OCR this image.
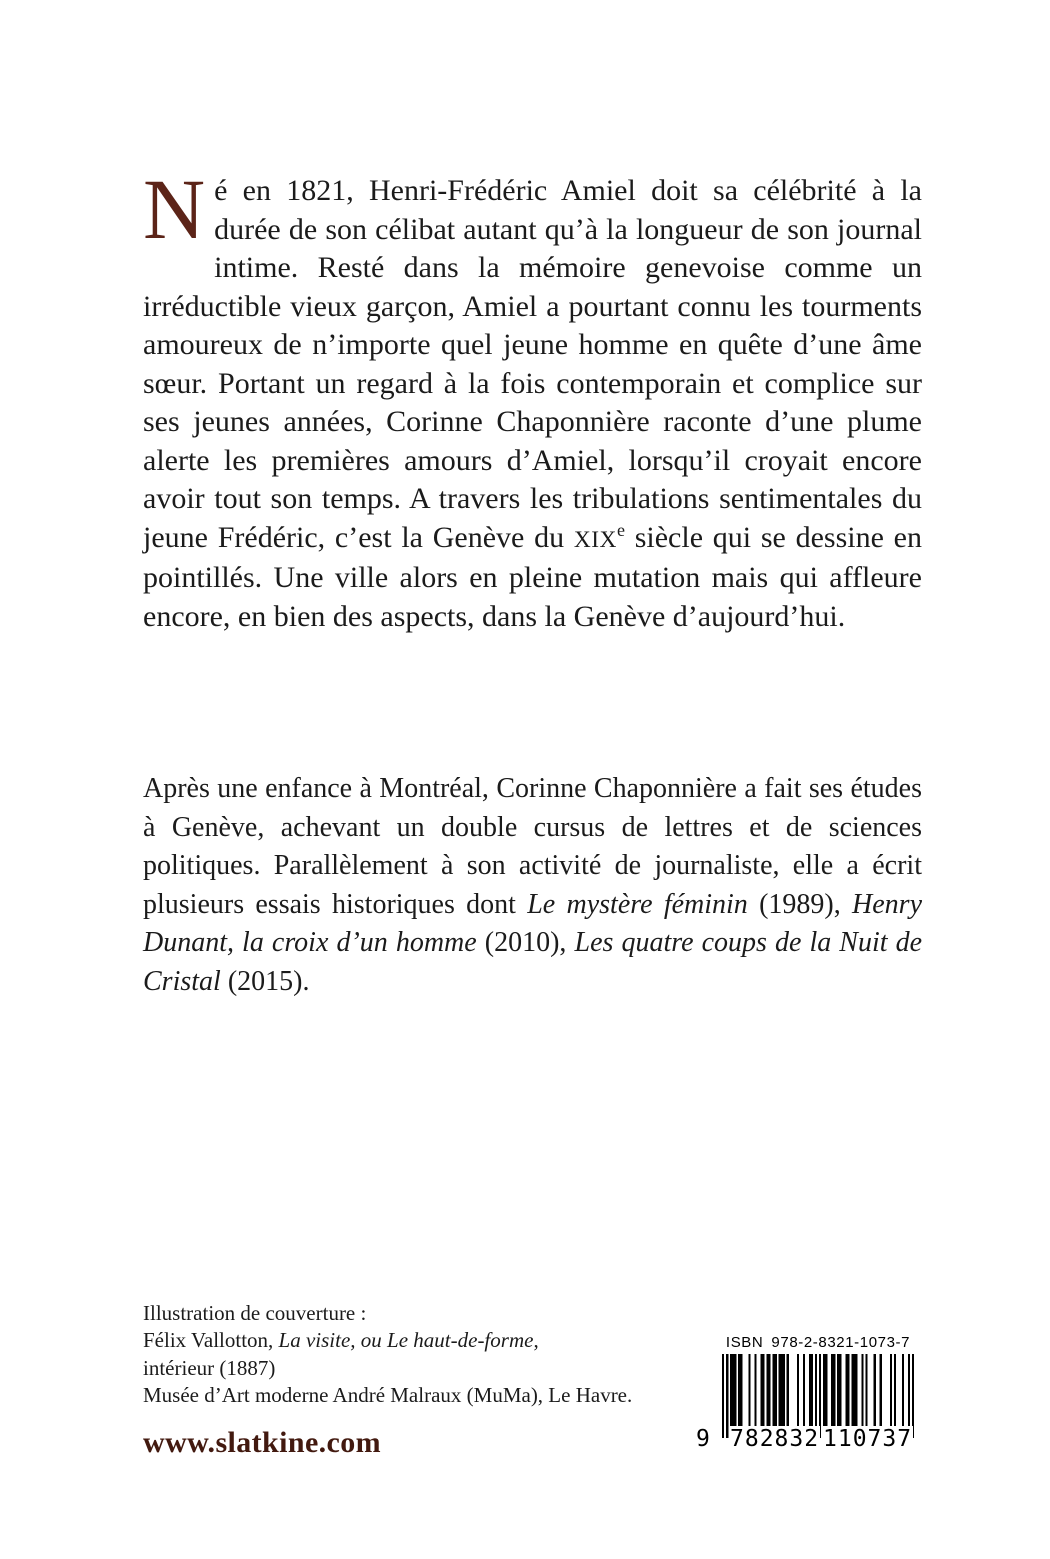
Né en 1821, Henri-Frédéric Amiel doit sa célébrité à la durée de son célibat autant qu’à la longueur de son journal intime. Resté dans la mémoire genevoise comme un irréductible vieux garçon, Amiel a pourtant connu les tourments amoureux de n’importe quel jeune homme en quête d’une âme sœur. Portant un regard à la fois contemporain et complice sur ses jeunes années, Corinne Chaponnière raconte d’une plume alerte les premières amours d’Amiel, lorsqu’il croyait encore avoir tout son temps. A travers les tribulations sentimentales du jeune Frédéric, c’est la Genève du XIXe siècle qui se dessine en pointillés. Une ville alors en pleine mutation mais qui affleure encore, en bien des aspects, dans la Genève d’aujourd’hui.
Après une enfance à Montréal, Corinne Chaponnière a fait ses études à Genève, achevant un double cursus de lettres et de sciences politiques. Parallèlement à son activité de journaliste, elle a écrit plusieurs essais historiques dont Le mystère féminin (1989), Henry Dunant, la croix d’un homme (2010), Les quatre coups de la Nuit de Cristal (2015).
Illustration de couverture :
Félix Vallotton, La visite, ou Le haut-de-forme,
intérieur (1887)
Musée d’Art moderne André Malraux (MuMa), Le Havre.
www.slatkine.com
ISBN 978-2-8321-1073-7
9 782832 110737
